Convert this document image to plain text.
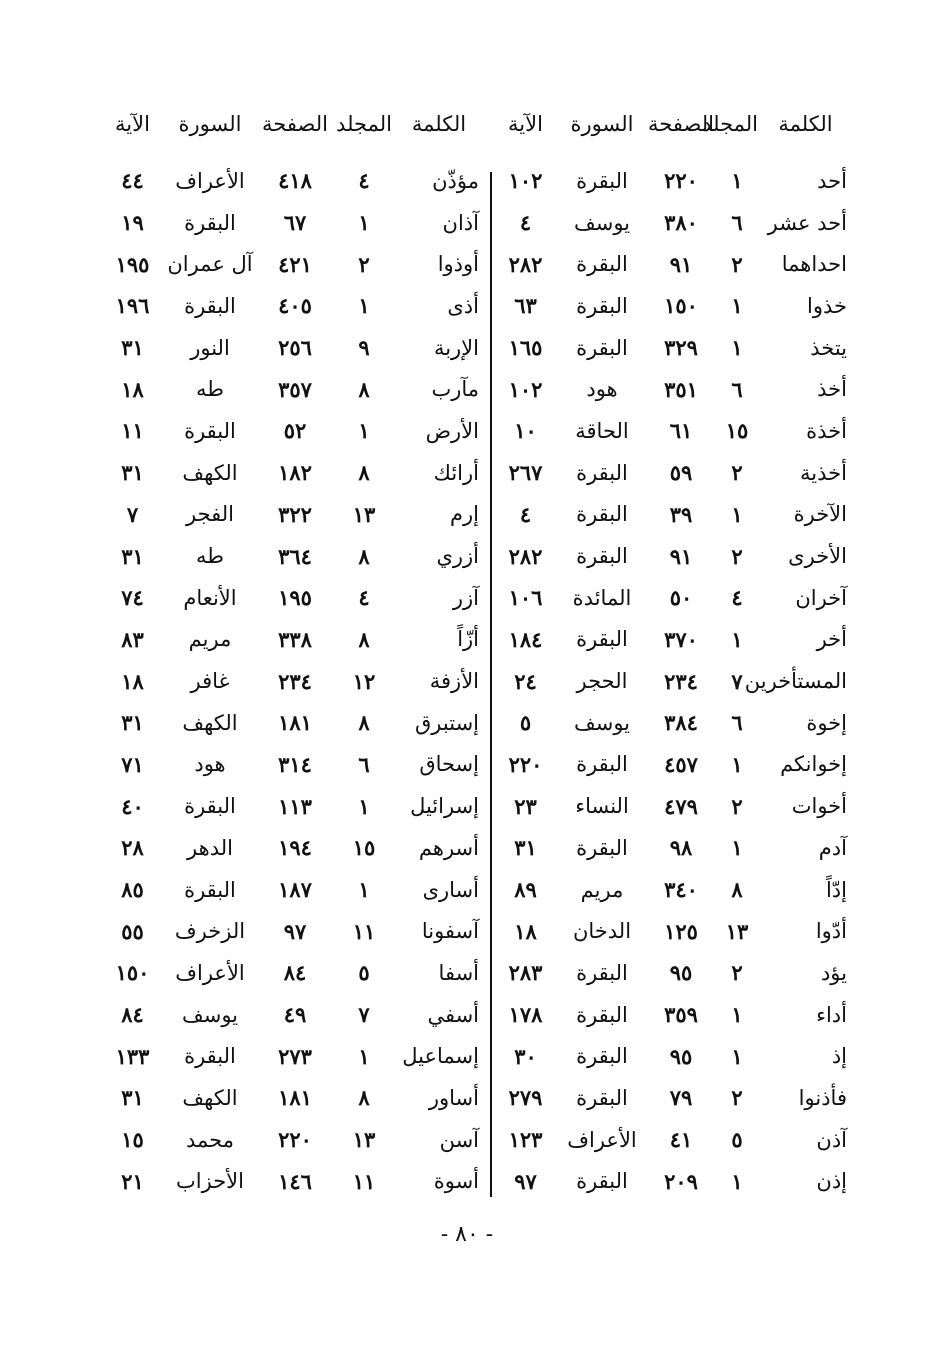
الكلمة	المجلد	الصفحة	السورة	الآية
أحد	١	٢٢٠	البقرة	١٠٢
أحد عشر	٦	٣٨٠	يوسف	٤
احداهما	٢	٩١	البقرة	٢٨٢
خذوا	١	١٥٠	البقرة	٦٣
يتخذ	١	٣٢٩	البقرة	١٦٥
أخذ	٦	٣٥١	هود	١٠٢
أخذة	١٥	٦١	الحاقة	١٠
أخذية	٢	٥٩	البقرة	٢٦٧
الآخرة	١	٣٩	البقرة	٤
الأخرى	٢	٩١	البقرة	٢٨٢
آخران	٤	٥٠	المائدة	١٠٦
أخر	١	٣٧٠	البقرة	١٨٤
المستأخرين	٧	٢٣٤	الحجر	٢٤
إخوة	٦	٣٨٤	يوسف	٥
إخوانكم	١	٤٥٧	البقرة	٢٢٠
أخوات	٢	٤٧٩	النساء	٢٣
آدم	١	٩٨	البقرة	٣١
إدّاً	٨	٣٤٠	مريم	٨٩
أدّوا	١٣	١٢٥	الدخان	١٨
يؤد	٢	٩٥	البقرة	٢٨٣
أداء	١	٣٥٩	البقرة	١٧٨
إذ	١	٩٥	البقرة	٣٠
فأذنوا	٢	٧٩	البقرة	٢٧٩
آذن	٥	٤١	الأعراف	١٢٣
إذن	١	٢٠٩	البقرة	٩٧
الكلمة	المجلد	الصفحة	السورة	الآية
مؤذّن	٤	٤١٨	الأعراف	٤٤
آذان	١	٦٧	البقرة	١٩
أوذوا	٢	٤٢١	آل عمران	١٩٥
أذى	١	٤٠٥	البقرة	١٩٦
الإربة	٩	٢٥٦	النور	٣١
مآرب	٨	٣٥٧	طه	١٨
الأرض	١	٥٢	البقرة	١١
أرائك	٨	١٨٢	الكهف	٣١
إرم	١٣	٣٢٢	الفجر	٧
أزري	٨	٣٦٤	طه	٣١
آزر	٤	١٩٥	الأنعام	٧٤
أزّاً	٨	٣٣٨	مريم	٨٣
الأزفة	١٢	٢٣٤	غافر	١٨
إستبرق	٨	١٨١	الكهف	٣١
إسحاق	٦	٣١٤	هود	٧١
إسرائيل	١	١١٣	البقرة	٤٠
أسرهم	١٥	١٩٤	الدهر	٢٨
أسارى	١	١٨٧	البقرة	٨٥
آسفونا	١١	٩٧	الزخرف	٥٥
أسفا	٥	٨٤	الأعراف	١٥٠
أسفي	٧	٤٩	يوسف	٨٤
إسماعيل	١	٢٧٣	البقرة	١٣٣
أساور	٨	١٨١	الكهف	٣١
آسن	١٣	٢٢٠	محمد	١٥
أسوة	١١	١٤٦	الأحزاب	٢١
- ٨٠ -
